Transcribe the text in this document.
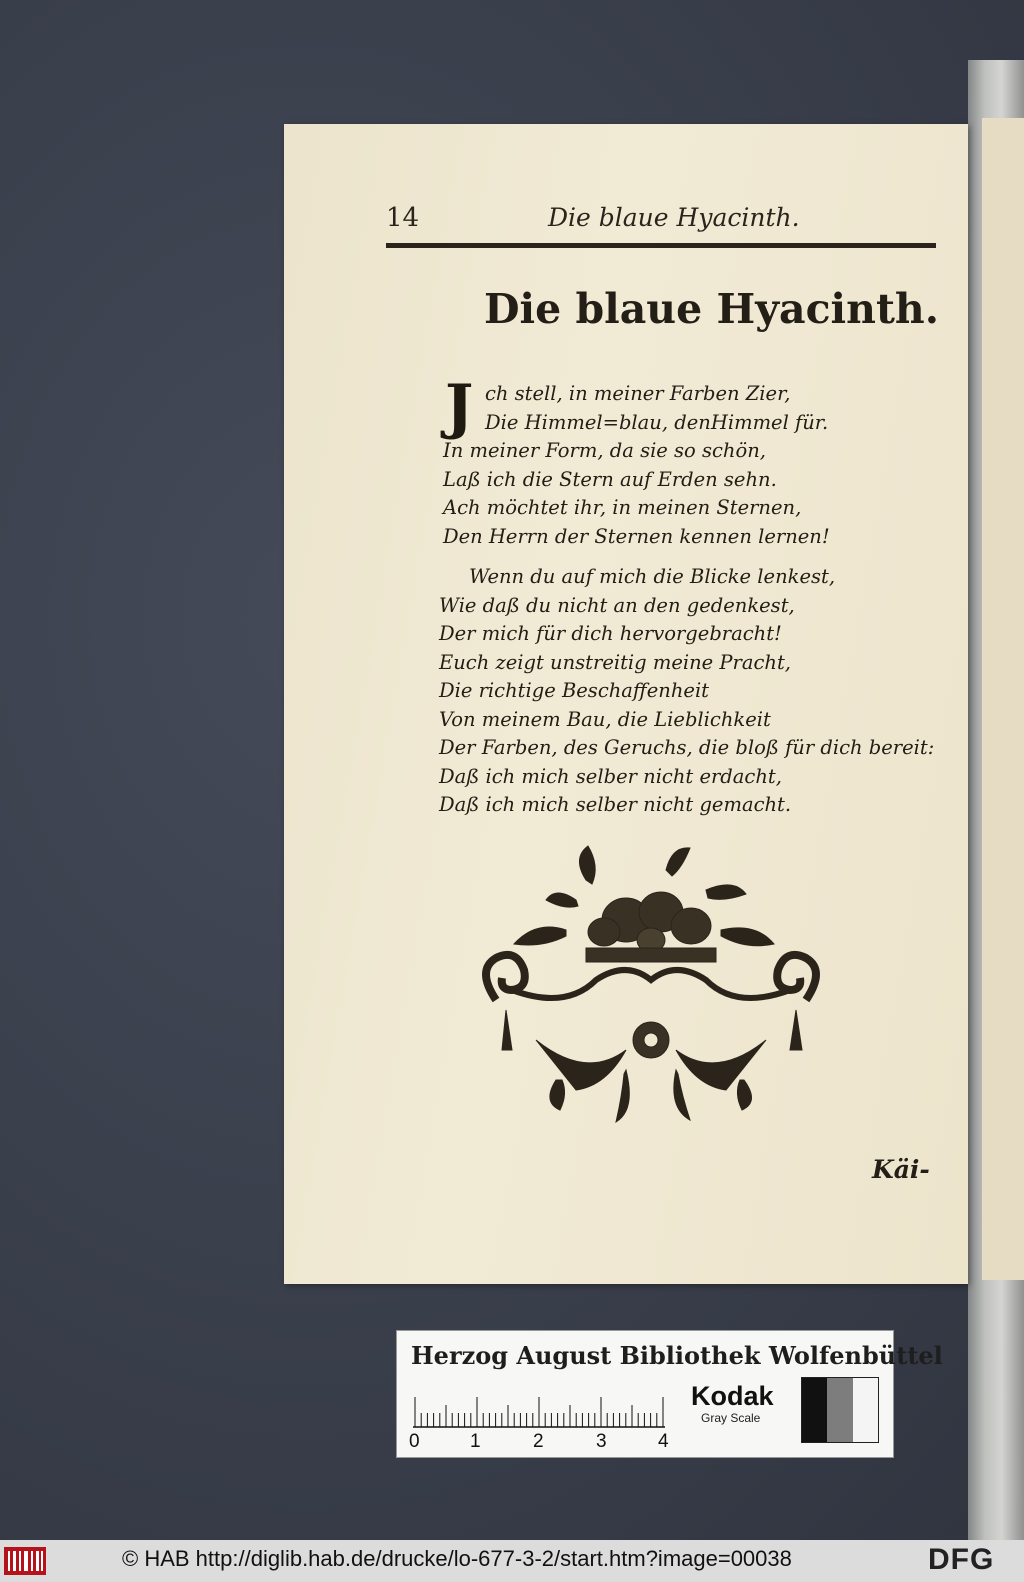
14	Die blaue Hyacinth.
Die blaue Hyacinth.
J ch stell, in meiner Farben Zier,
Die Himmel=blau, denHimmel für.
In meiner Form, da sie so schön,
Laß ich die Stern auf Erden sehn.
Ach möchtet ihr, in meinen Sternen,
Den Herrn der Sternen kennen lernen!
Wenn du auf mich die Blicke lenkest,
Wie daß du nicht an den gedenkest,
Der mich für dich hervorgebracht!
Euch zeigt unstreitig meine Pracht,
Die richtige Beschaffenheit
Von meinem Bau, die Lieblichkeit
Der Farben, des Geruchs, die bloß für dich bereit:
Daß ich mich selber nicht erdacht,
Daß ich mich selber nicht gemacht.
Käi-
Herzog August Bibliothek Wolfenbüttel
0	1	2	3	4
Kodak
Gray Scale
© HAB http://diglib.hab.de/drucke/lo-677-3-2/start.htm?image=00038	DFG
